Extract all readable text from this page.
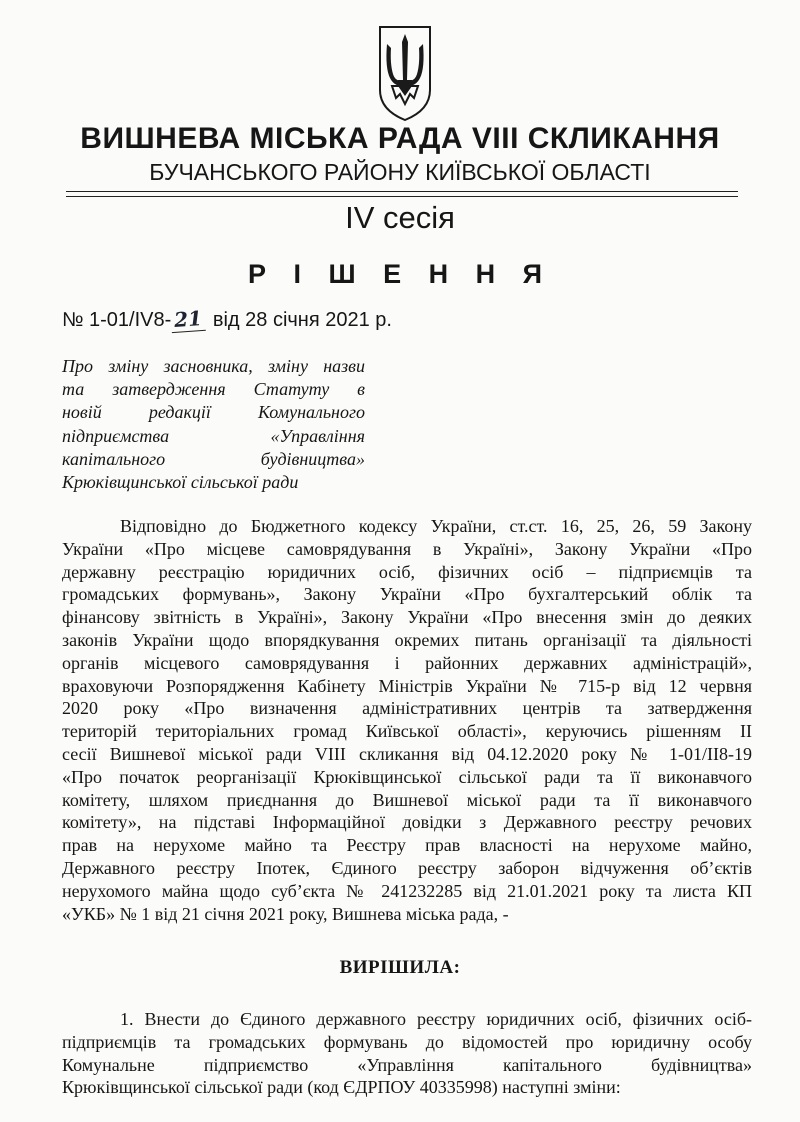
ВИШНЕВА МІСЬКА РАДА VIII СКЛИКАННЯ
БУЧАНСЬКОГО РАЙОНУ КИЇВСЬКОЇ ОБЛАСТІ
IV сесія
Р І Ш Е Н Н Я
№ 1-01/IV8- 21 від 28 січня 2021 р.
Про зміну засновника, зміну назви
та затвердження Статуту в
новій редакції Комунального
підприємства «Управління
капітального будівництва»
Крюківщинської сільської ради
Відповідно до Бюджетного кодексу України, ст.ст. 16, 25, 26, 59 Закону
України «Про місцеве самоврядування в Україні», Закону України «Про
державну реєстрацію юридичних осіб, фізичних осіб – підприємців та
громадських формувань», Закону України «Про бухгалтерський облік та
фінансову звітність в Україні», Закону України «Про внесення змін до деяких
законів України щодо впорядкування окремих питань організації та діяльності
органів місцевого самоврядування і районних державних адміністрацій»,
враховуючи Розпорядження Кабінету Міністрів України № 715-р від 12 червня
2020 року «Про визначення адміністративних центрів та затвердження
територій територіальних громад Київської області», керуючись рішенням ІІ
сесії Вишневої міської ради VIII скликання від 04.12.2020 року № 1-01/ІІ8-19
«Про початок реорганізації Крюківщинської сільської ради та її виконавчого
комітету, шляхом приєднання до Вишневої міської ради та її виконавчого
комітету», на підставі Інформаційної довідки з Державного реєстру речових
прав на нерухоме майно та Реєстру прав власності на нерухоме майно,
Державного реєстру Іпотек, Єдиного реєстру заборон відчуження об’єктів
нерухомого майна щодо суб’єкта № 241232285 від 21.01.2021 року та листа КП
«УКБ» № 1 від 21 січня 2021 року, Вишнева міська рада, -
ВИРІШИЛА:
1. Внести до Єдиного державного реєстру юридичних осіб, фізичних осіб-
підприємців та громадських формувань до відомостей про юридичну особу
Комунальне підприємство «Управління капітального будівництва»
Крюківщинської сільської ради (код ЄДРПОУ 40335998) наступні зміни:
